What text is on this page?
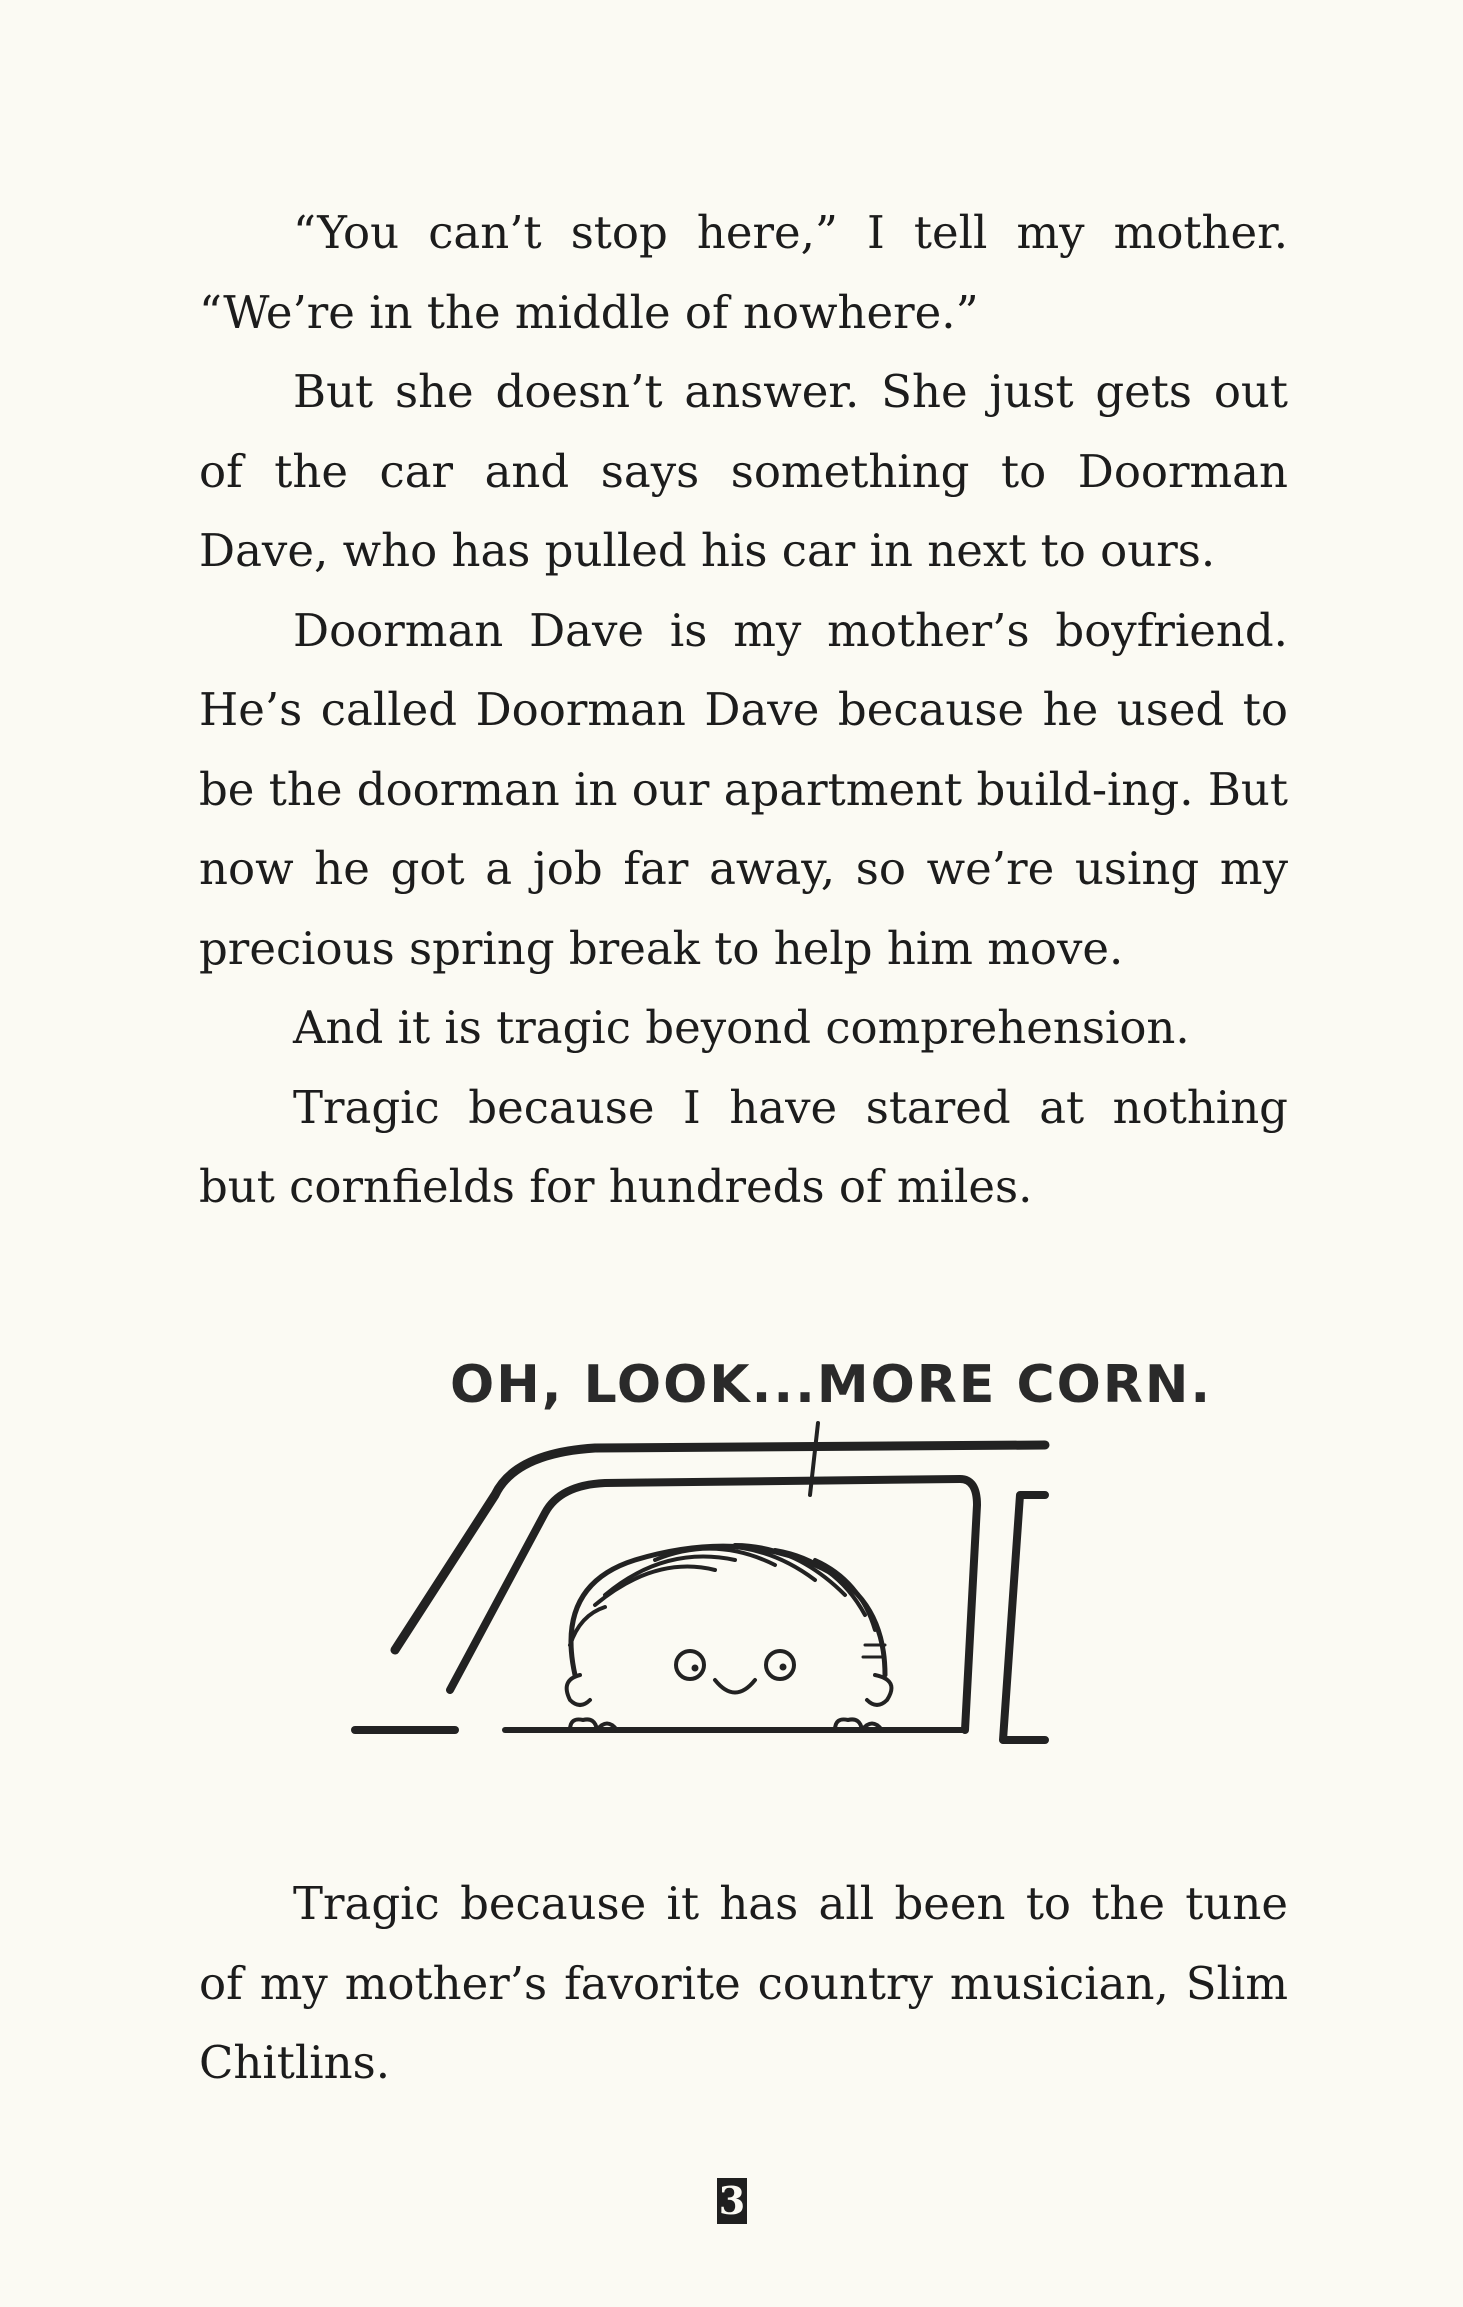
“You can’t stop here,” I tell my mother. “We’re in the middle of nowhere.”

But she doesn’t answer. She just gets out of the car and says something to Doorman Dave, who has pulled his car in next to ours.

Doorman Dave is my mother’s boyfriend. He’s called Doorman Dave because he used to be the doorman in our apartment build-ing. But now he got a job far away, so we’re using my precious spring break to help him move.

And it is tragic beyond comprehension.

Tragic because I have stared at nothing but cornfields for hundreds of miles.

OH, LOOK...MORE CORN.

Tragic because it has all been to the tune of my mother’s favorite country musician, Slim Chitlins.

3
